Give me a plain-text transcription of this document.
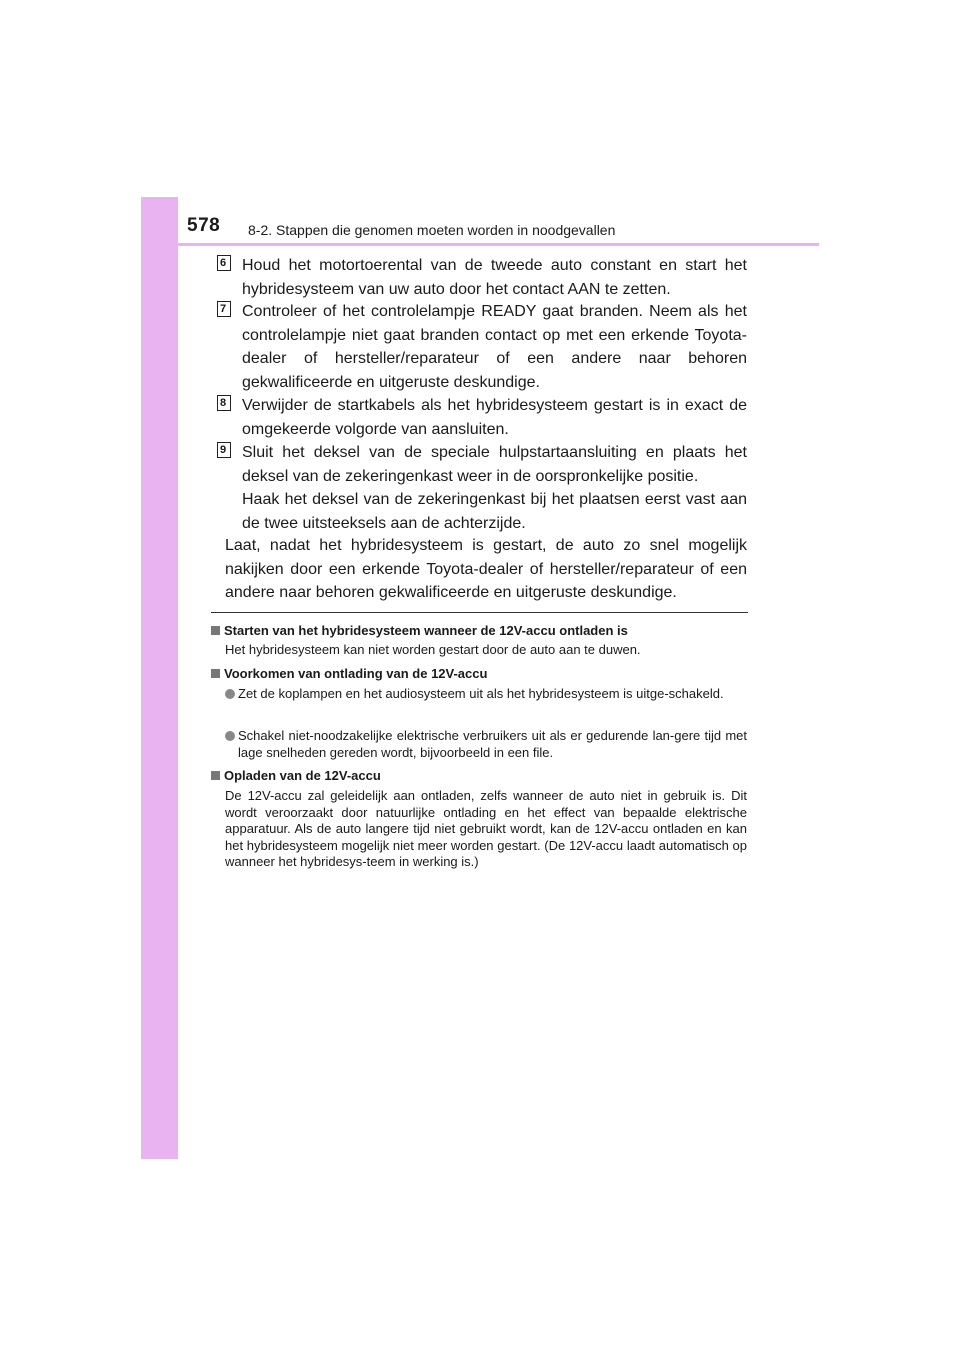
578 8-2. Stappen die genomen moeten worden in noodgevallen
6 Houd het motortoerental van de tweede auto constant en start het hybridesysteem van uw auto door het contact AAN te zetten.

7 Controleer of het controlelampje READY gaat branden. Neem als het controlelampje niet gaat branden contact op met een erkende Toyota-dealer of hersteller/reparateur of een andere naar behoren gekwalificeerde en uitgeruste deskundige.

8 Verwijder de startkabels als het hybridesysteem gestart is in exact de omgekeerde volgorde van aansluiten.

9 Sluit het deksel van de speciale hulpstartaansluiting en plaats het deksel van de zekeringenkast weer in de oorspronkelijke positie.

Haak het deksel van de zekeringenkast bij het plaatsen eerst vast aan de twee uitsteeksels aan de achterzijde.

Laat, nadat het hybridesysteem is gestart, de auto zo snel mogelijk nakijken door een erkende Toyota-dealer of hersteller/reparateur of een andere naar behoren gekwalificeerde en uitgeruste deskundige.
Starten van het hybridesysteem wanneer de 12V-accu ontladen is
Het hybridesysteem kan niet worden gestart door de auto aan te duwen.
Voorkomen van ontlading van de 12V-accu
Zet de koplampen en het audiosysteem uit als het hybridesysteem is uitge-schakeld.
Schakel niet-noodzakelijke elektrische verbruikers uit als er gedurende lan-gere tijd met lage snelheden gereden wordt, bijvoorbeeld in een file.
Opladen van de 12V-accu
De 12V-accu zal geleidelijk aan ontladen, zelfs wanneer de auto niet in gebruik is. Dit wordt veroorzaakt door natuurlijke ontlading en het effect van bepaalde elektrische apparatuur. Als de auto langere tijd niet gebruikt wordt, kan de 12V-accu ontladen en kan het hybridesysteem mogelijk niet meer worden gestart. (De 12V-accu laadt automatisch op wanneer het hybridesys-teem in werking is.)
